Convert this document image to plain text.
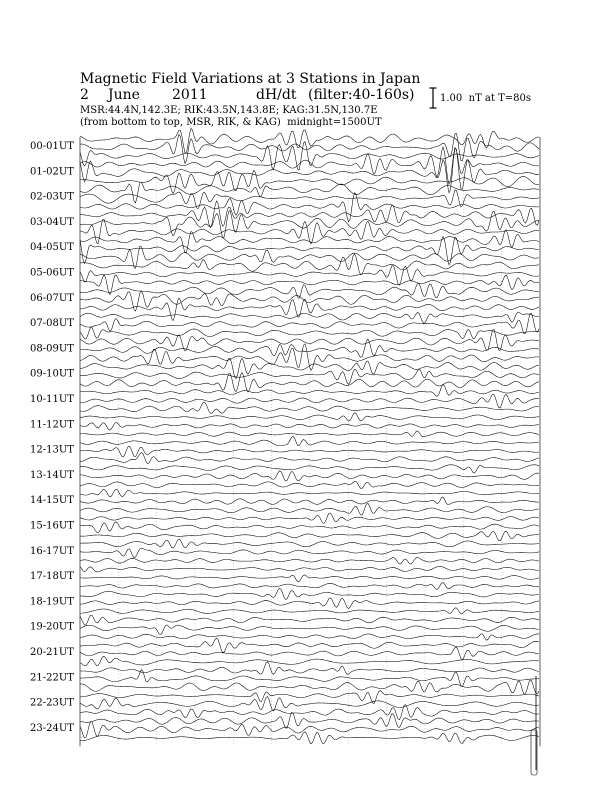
Magnetic Field Variations at 3 Stations in Japan
2 June 2011	dH/dt (filter:40-160s)
MSR:44.4N,142.3E; RIK:43.5N,143.8E; KAG:31.5N,130.7E
(from bottom to top, MSR, RIK, & KAG)  midnight=1500UT
1.00  nT at T=80s
00-01UT
01-02UT
02-03UT
03-04UT
04-05UT
05-06UT
06-07UT
07-08UT
08-09UT
09-10UT
10-11UT
11-12UT
12-13UT
13-14UT
14-15UT
15-16UT
16-17UT
17-18UT
18-19UT
19-20UT
20-21UT
21-22UT
22-23UT
23-24UT
